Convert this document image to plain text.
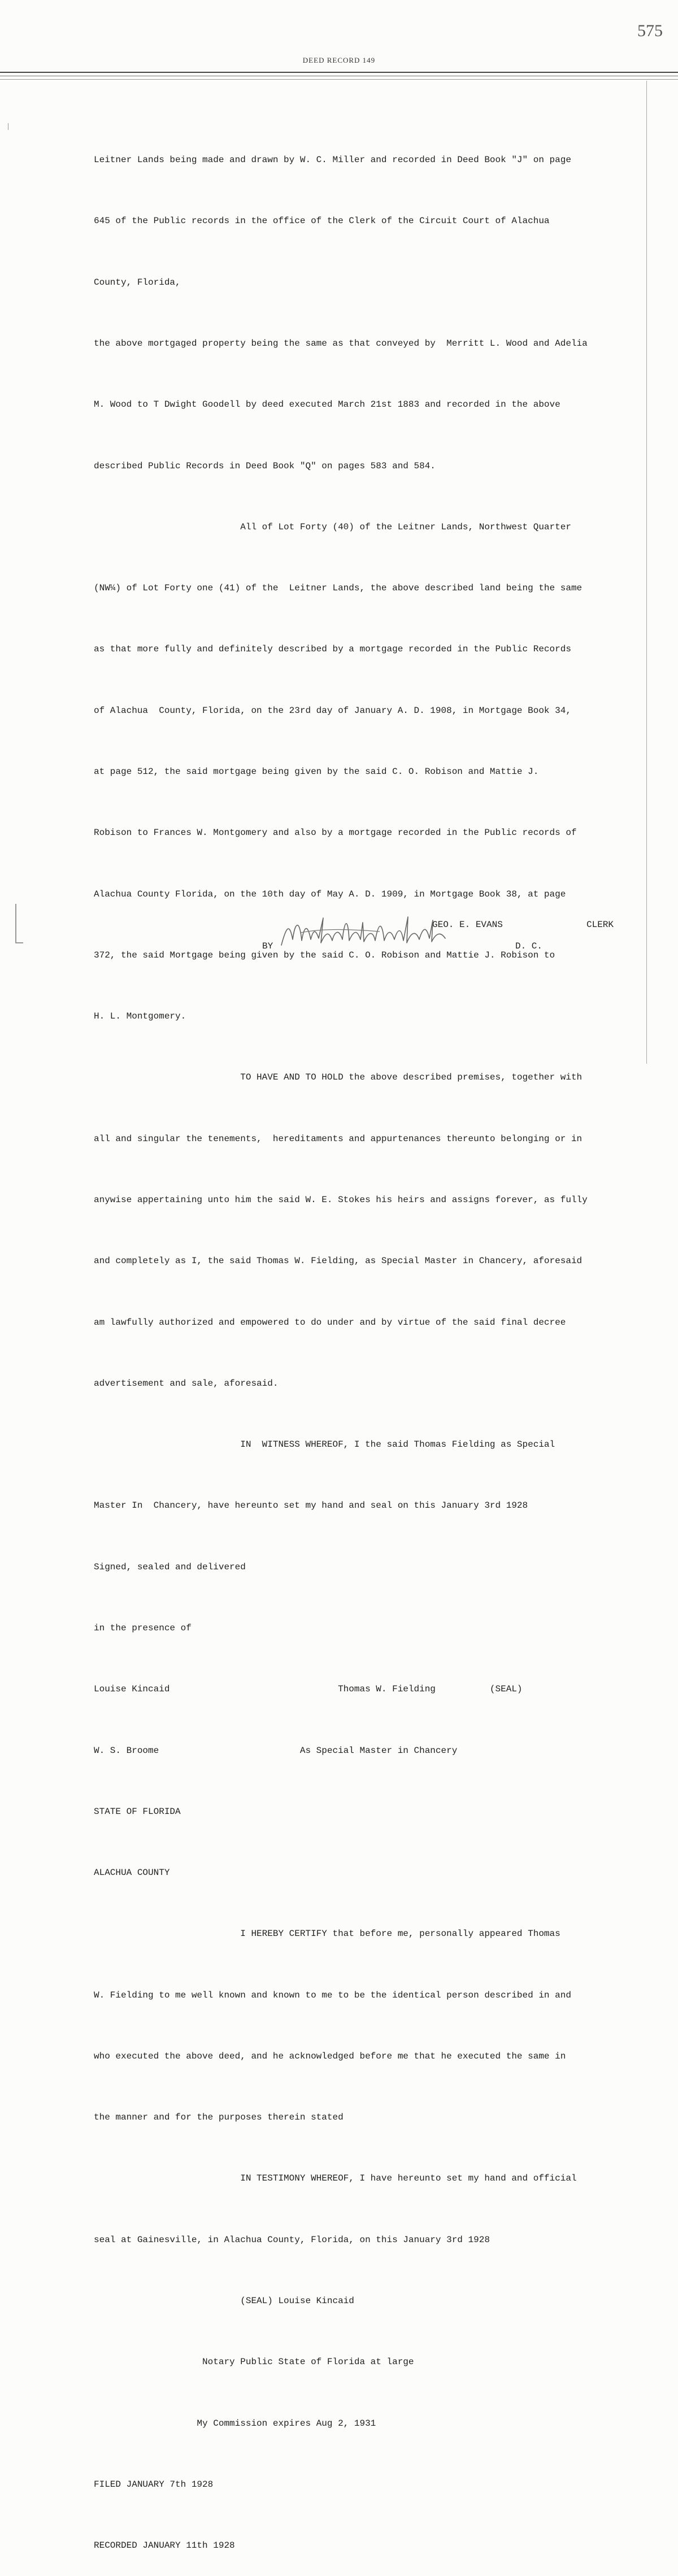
575
DEED RECORD 149

Leitner Lands being made and drawn by W. C. Miller and recorded in Deed Book "J" on page

645 of the Public records in the office of the Clerk of the Circuit Court of Alachua

County, Florida,

the above mortgaged property being the same as that conveyed by  Merritt L. Wood and Adelia

M. Wood to T Dwight Goodell by deed executed March 21st 1883 and recorded in the above

described Public Records in Deed Book "Q" on pages 583 and 584.

All of Lot Forty (40) of the Leitner Lands, Northwest Quarter

(NW¼) of Lot Forty one (41) of the  Leitner Lands, the above described land being the same

as that more fully and definitely described by a mortgage recorded in the Public Records

of Alachua  County, Florida, on the 23rd day of January A. D. 1908, in Mortgage Book 34,

at page 512, the said mortgage being given by the said C. O. Robison and Mattie J.

Robison to Frances W. Montgomery and also by a mortgage recorded in the Public records of

Alachua County Florida, on the 10th day of May A. D. 1909, in Mortgage Book 38, at page

372, the said Mortgage being given by the said C. O. Robison and Mattie J. Robison to

H. L. Montgomery.

TO HAVE AND TO HOLD the above described premises, together with

all and singular the tenements,  hereditaments and appurtenances thereunto belonging or in

anywise appertaining unto him the said W. E. Stokes his heirs and assigns forever, as fully

and completely as I, the said Thomas W. Fielding, as Special Master in Chancery, aforesaid

am lawfully authorized and empowered to do under and by virtue of the said final decree

advertisement and sale, aforesaid.

IN  WITNESS WHEREOF, I the said Thomas Fielding as Special

Master In  Chancery, have hereunto set my hand and seal on this January 3rd 1928

Signed, sealed and delivered

in the presence of

Louise Kincaid                               Thomas W. Fielding          (SEAL)

W. S. Broome                          As Special Master in Chancery

STATE OF FLORIDA

ALACHUA COUNTY

I HEREBY CERTIFY that before me, personally appeared Thomas

W. Fielding to me well known and known to me to be the identical person described in and

who executed the above deed, and he acknowledged before me that he executed the same in

the manner and for the purposes therein stated

IN TESTIMONY WHEREOF, I have hereunto set my hand and official

seal at Gainesville, in Alachua County, Florida, on this January 3rd 1928

(SEAL) Louise Kincaid

Notary Public State of Florida at large

My Commission expires Aug 2, 1931

FILED JANUARY 7th 1928

RECORDED JANUARY 11th 1928

GEO. E. EVANS	CLERK
BY	D. C.
